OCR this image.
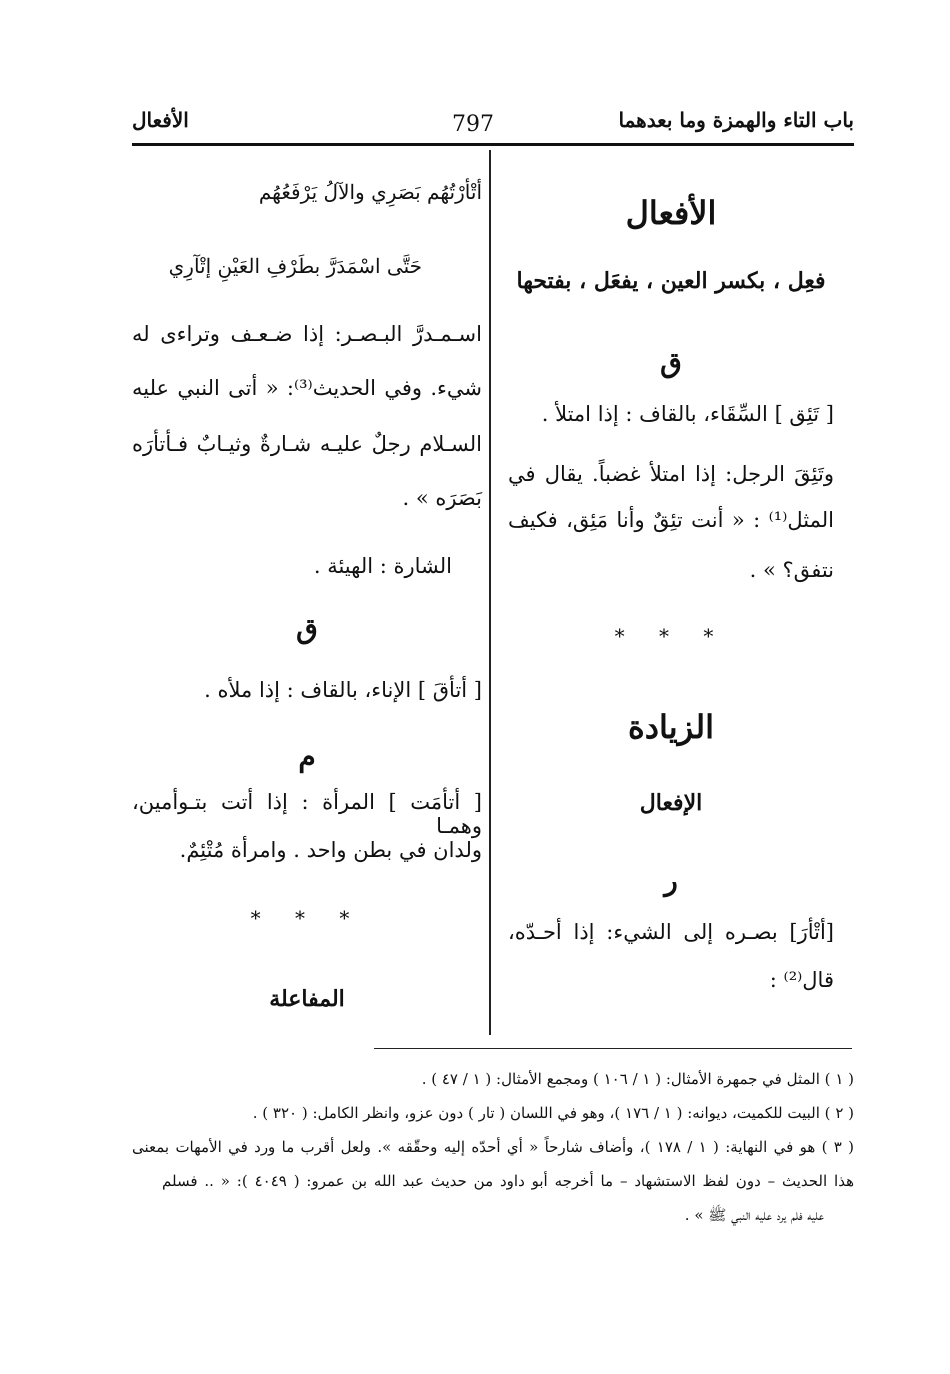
باب التاء والهمزة وما بعدهما
797
الأفعال
الأفعال
فعِل ، بكسر العين ، يفعَل ، بفتحها
ق
[ تَئِق ] السِّقَاء، بالقاف : إذا امتلأ .
وتَئِقَ الرجل: إذا امتلأ غضباً. يقال في
المثل⁽¹⁾ : « أنت تئِقٌ وأنا مَئِق، فكيف
نتفق؟ » .
* * *
الزيادة
الإفعال
ر
[أتْأرَ] بصـره إلى الشيء: إذا أحـدّه،
قال⁽²⁾ :
أتْأرْتُهُم بَصَرِي والآلُ يَرْفَعُهُم
حَتَّى اسْمَدَرَّ بطَرْفِ العَيْنِ إتْآرِي
اسـمـدرَّ البـصـر: إذا ضـعـف وتراءى له
شيء. وفي الحديث⁽³⁾: « أتى النبي عليه
السـلام رجلٌ عليـه شـارةٌ وثيـابٌ فـأتأرَه
بَصَرَه » .
الشارة : الهيئة .
ق
[ أتأقَ ] الإناء، بالقاف : إذا ملأه .
م
[ أتأمَت ] المرأة : إذا أتت بتـوأمين، وهمـا
ولدان في بطن واحد . وامرأة مُتْئِمٌ.
* * *
المفاعلة
( ١ ) المثل في جمهرة الأمثال: ( ١ / ١٠٦ ) ومجمع الأمثال: ( ١ / ٤٧ ) .
( ٢ ) البيت للكميت، ديوانه: ( ١ / ١٧٦ )، وهو في اللسان ( تار ) دون عزو، وانظر الكامل: ( ٣٢٠ ) .
( ٣ ) هو في النهاية: ( ١ / ١٧٨ )، وأضاف شارحاً « أي أحدّه إليه وحقّقه ». ولعل أقرب ما ورد في الأمهات بمعنى
هذا الحديث – دون لفظ الاستشهاد – ما أخرجه أبو داود من حديث عبد الله بن عمرو: ( ٤٠٤٩ ): « .. فسلم
عليه فلم يرد عليه النبي ﷺ » .
